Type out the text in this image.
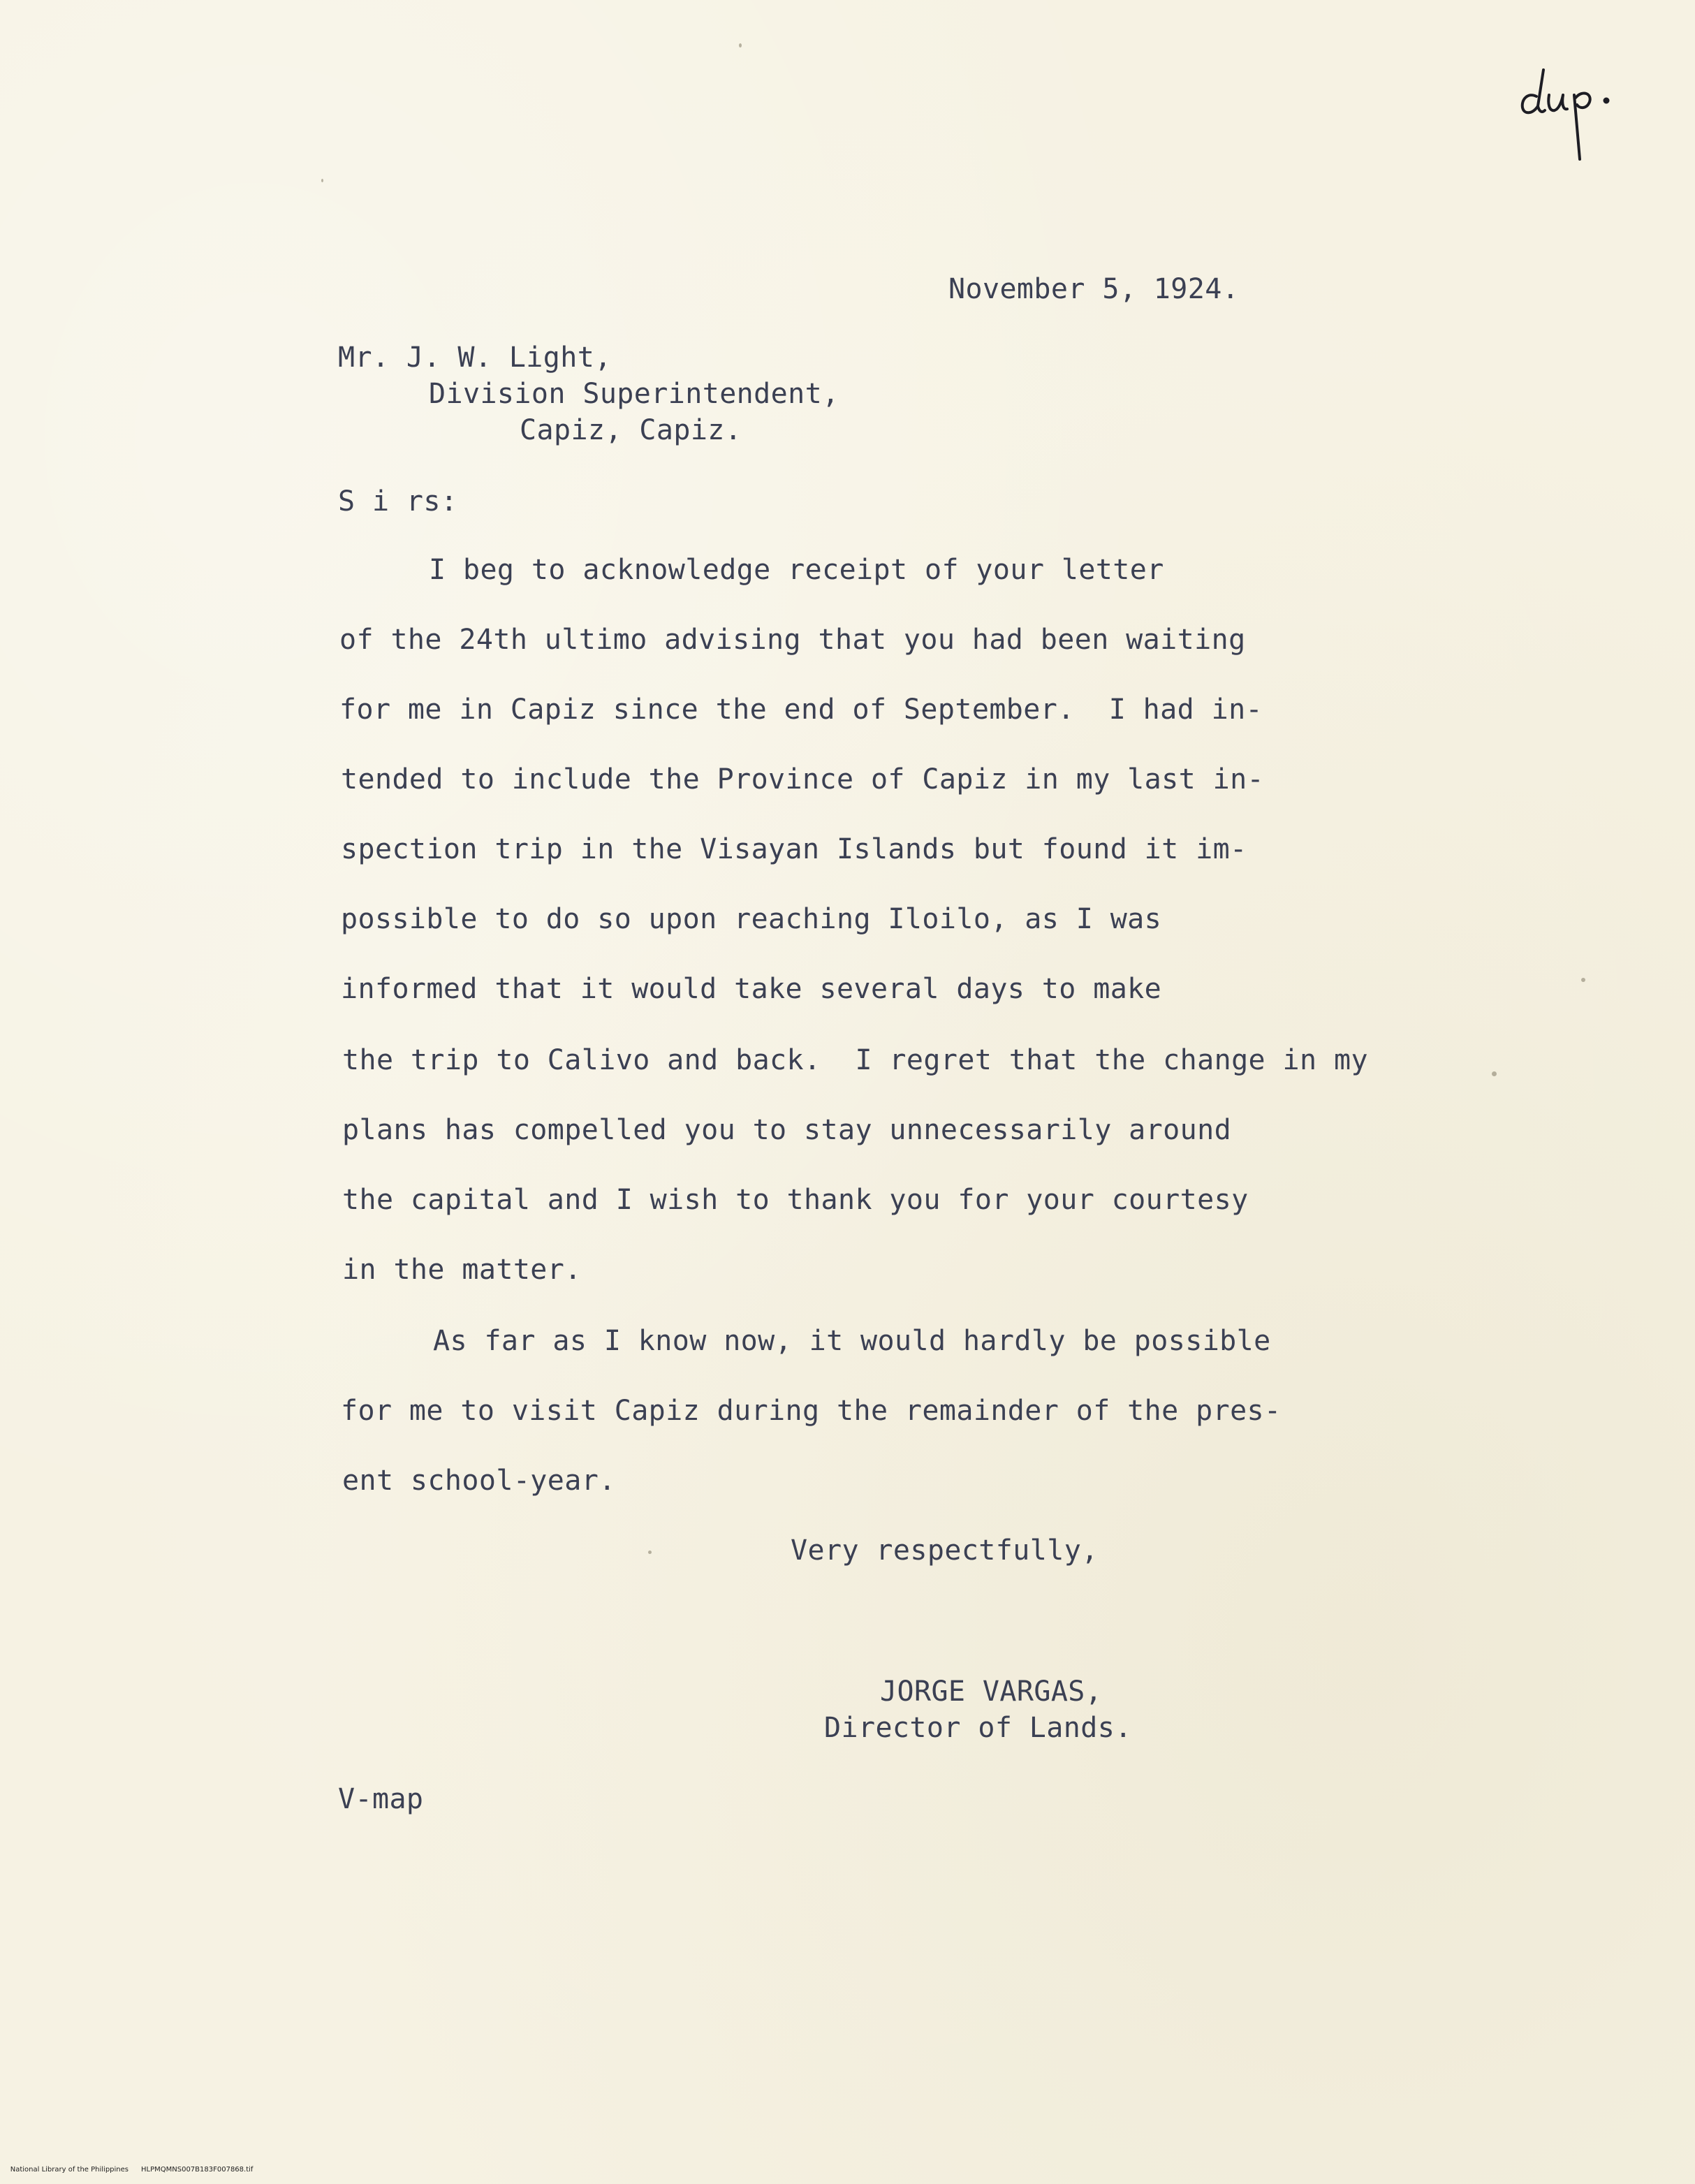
November 5, 1924.
Mr. J. W. Light,
Division Superintendent,
Capiz, Capiz.
S i rs:
I beg to acknowledge receipt of your letter
of the 24th ultimo advising that you had been waiting
for me in Capiz since the end of September.  I had in-
tended to include the Province of Capiz in my last in-
spection trip in the Visayan Islands but found it im-
possible to do so upon reaching Iloilo, as I was
informed that it would take several days to make
the trip to Calivo and back.  I regret that the change in my
plans has compelled you to stay unnecessarily around
the capital and I wish to thank you for your courtesy
in the matter.
As far as I know now, it would hardly be possible
for me to visit Capiz during the remainder of the pres-
ent school-year.
Very respectfully,
JORGE VARGAS,
Director of Lands.
V-map

National Library of the Philippines HLPMQMNS007B183F007868.tif
